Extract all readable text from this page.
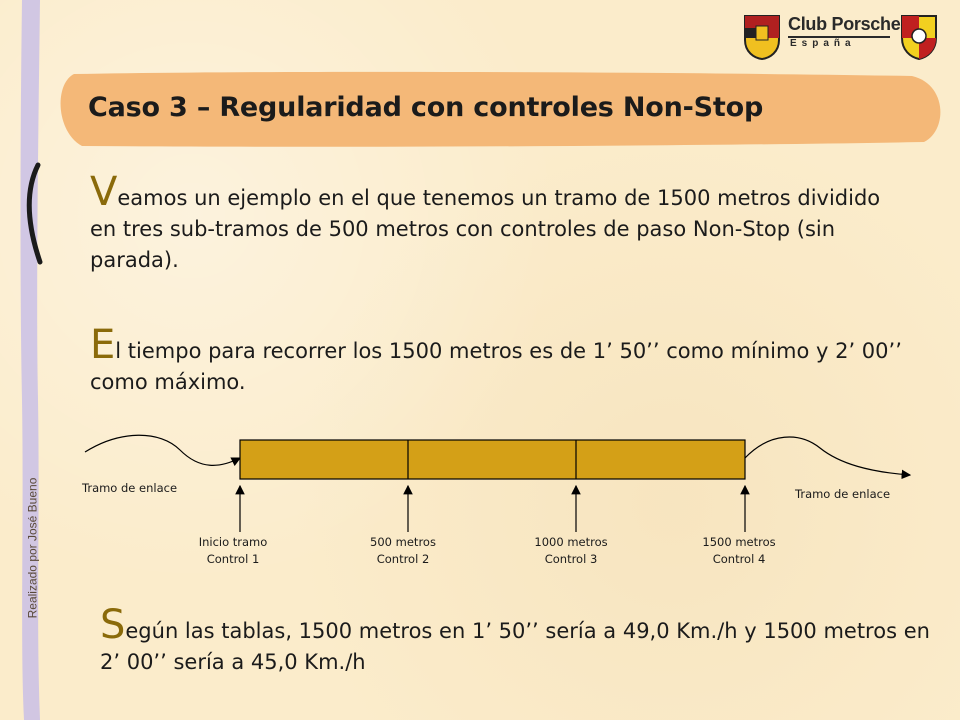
Realizado por José Bueno
Club Porsche
España
Caso 3 – Regularidad con controles Non-Stop
Veamos un ejemplo en el que tenemos un tramo de 1500 metros dividido en tres sub-tramos de 500 metros con controles de paso Non-Stop (sin parada).
El tiempo para recorrer los 1500 metros es de 1’ 50’’ como mínimo y 2’ 00’’ como máximo.
Tramo de enlace	Tramo de enlace
Inicio tramo
Control 1
500 metros
Control 2
1000 metros
Control 3
1500 metros
Control 4
Según las tablas, 1500 metros en 1’ 50’’ sería a 49,0 Km./h y 1500 metros en 2’ 00’’ sería a 45,0 Km./h
